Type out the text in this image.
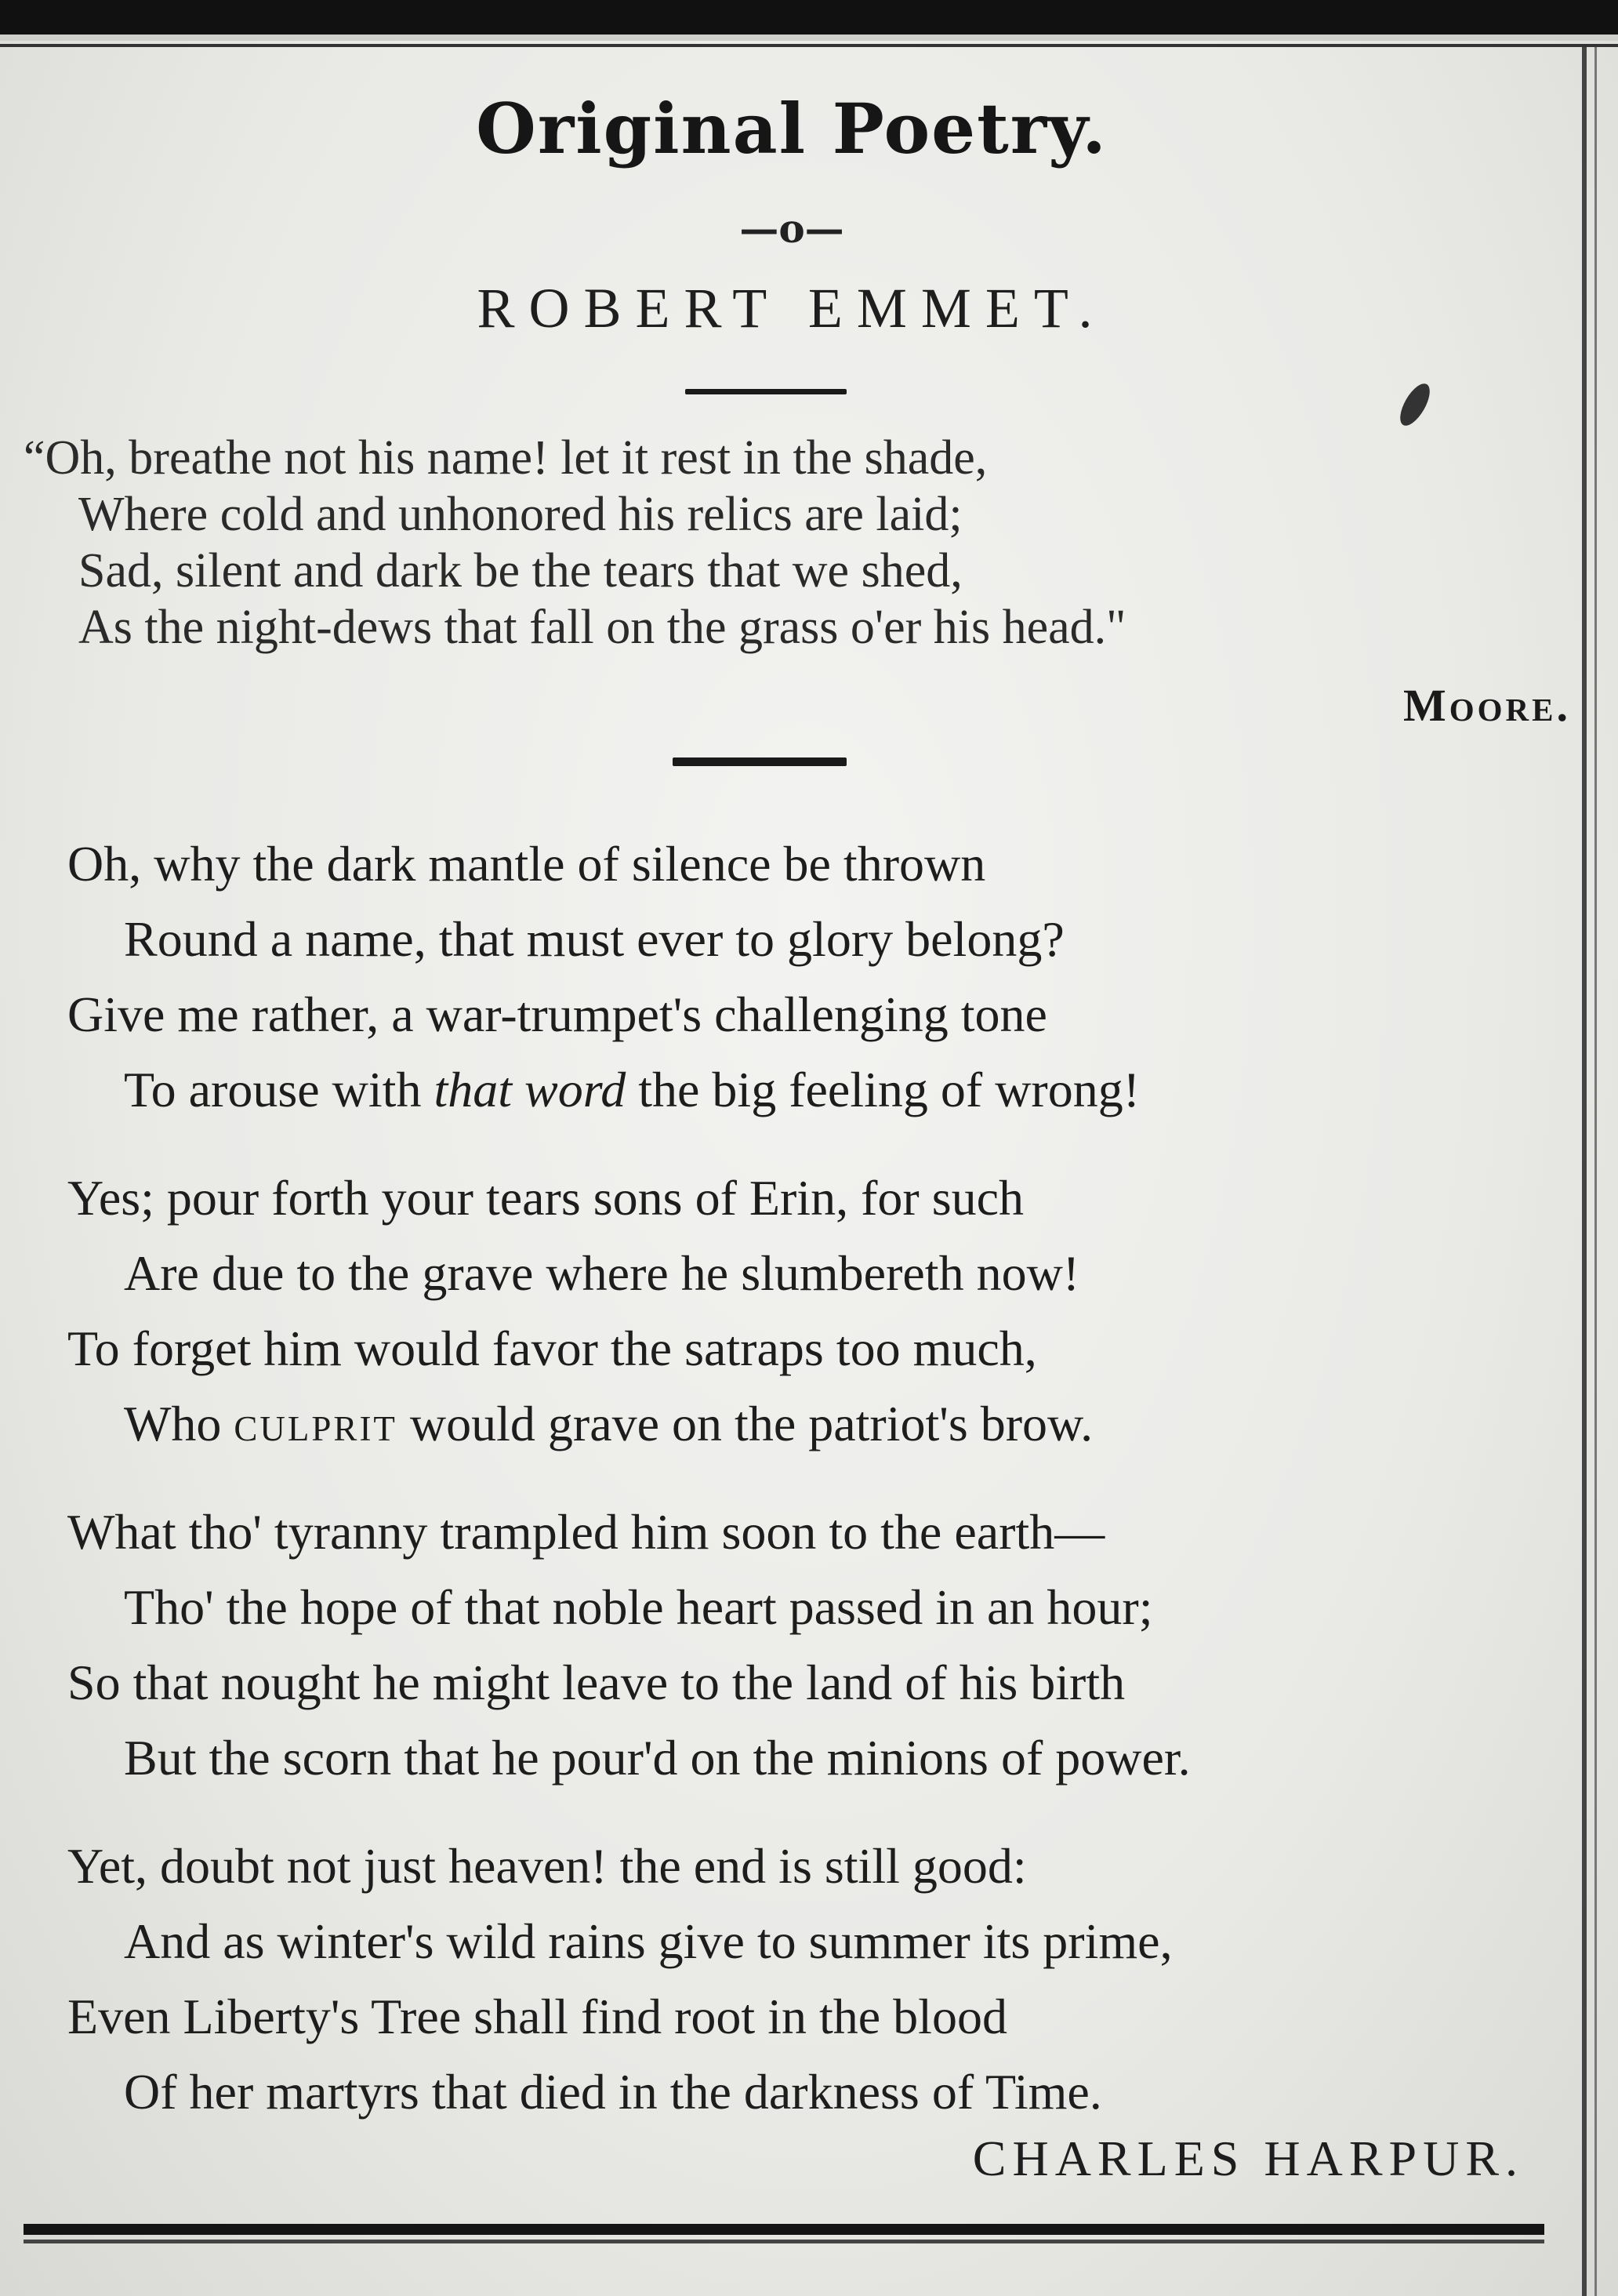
Original Poetry.
—o—
ROBERT EMMET.
“Oh, breathe not his name! let it rest in the shade,
Where cold and unhonored his relics are laid;
Sad, silent and dark be the tears that we shed,
As the night-dews that fall on the grass o'er his head."
Moore.
Oh, why the dark mantle of silence be thrown
Round a name, that must ever to glory belong?
Give me rather, a war-trumpet's challenging tone
To arouse with that word the big feeling of wrong!
Yes; pour forth your tears sons of Erin, for such
Are due to the grave where he slumbereth now!
To forget him would favor the satraps too much,
Who culprit would grave on the patriot's brow.
What tho' tyranny trampled him soon to the earth—
Tho' the hope of that noble heart passed in an hour;
So that nought he might leave to the land of his birth
But the scorn that he pour'd on the minions of power.
Yet, doubt not just heaven! the end is still good:
And as winter's wild rains give to summer its prime,
Even Liberty's Tree shall find root in the blood
Of her martyrs that died in the darkness of Time.
CHARLES HARPUR.
